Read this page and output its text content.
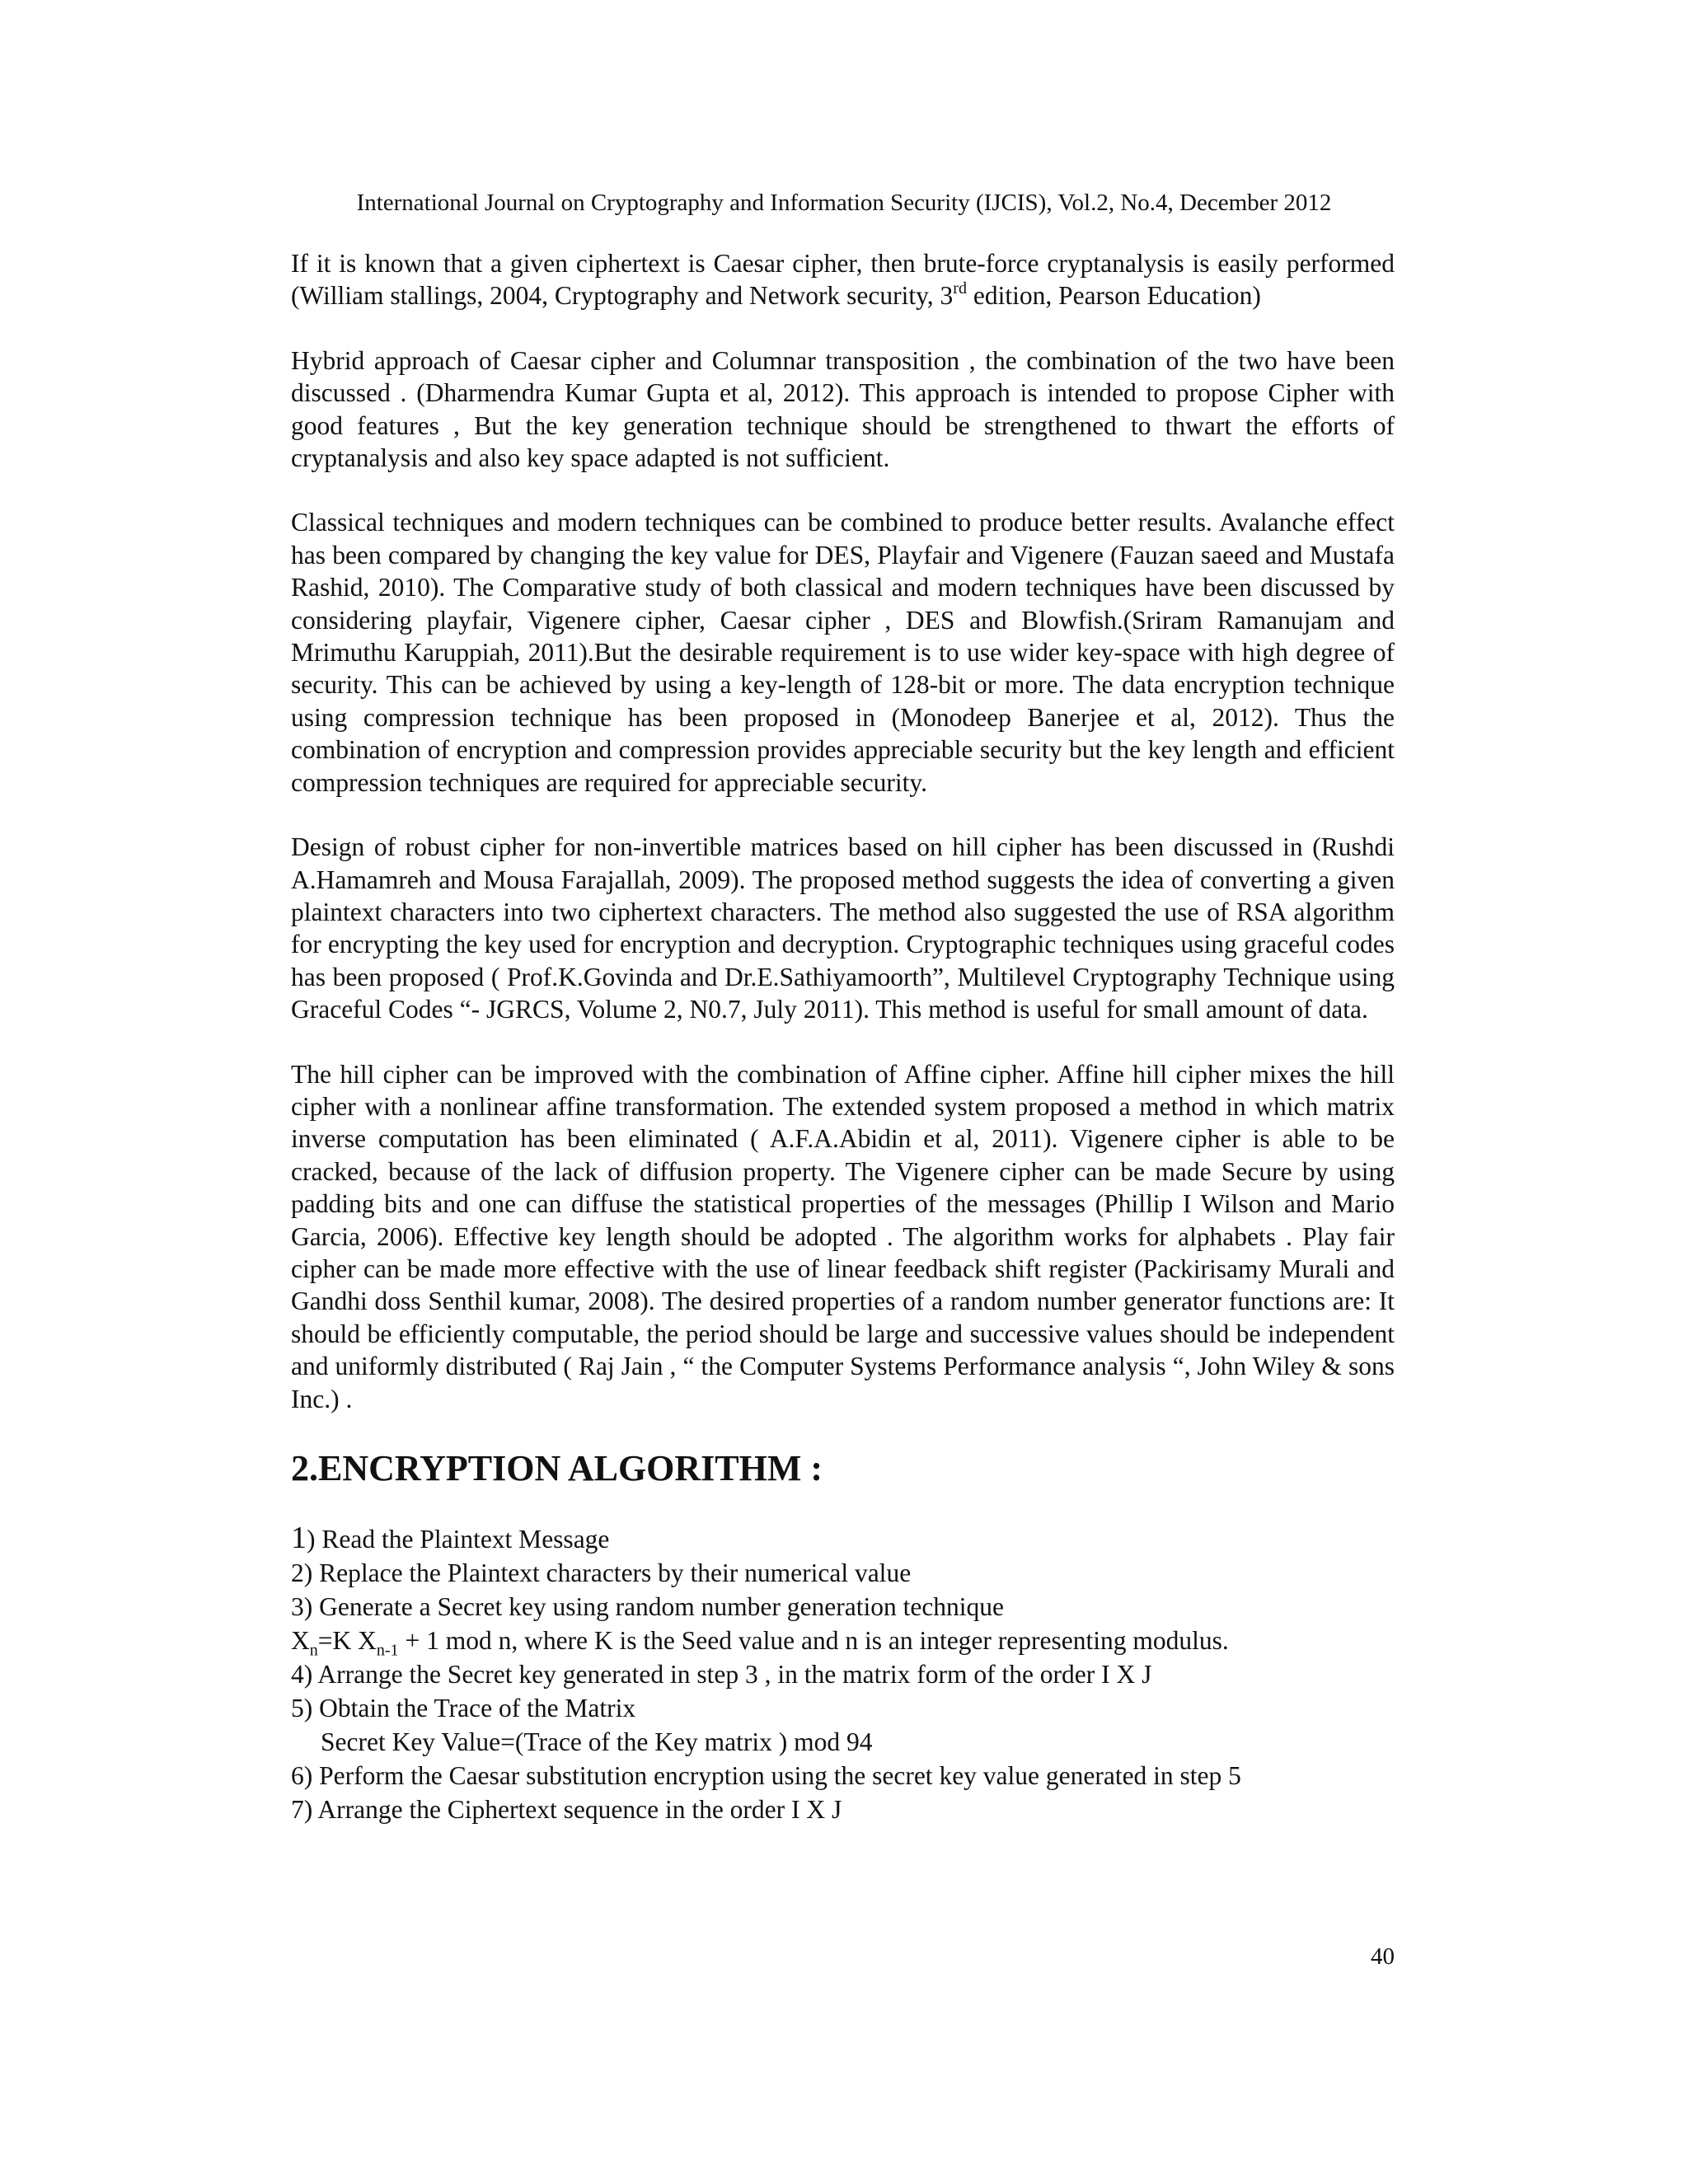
International Journal on Cryptography and Information Security (IJCIS), Vol.2, No.4, December 2012

If it is known that a given ciphertext is Caesar cipher, then brute-force cryptanalysis is easily performed (William stallings, 2004, Cryptography and Network security, 3rd edition, Pearson Education)

Hybrid approach of Caesar cipher and Columnar transposition , the combination of the two have been discussed . (Dharmendra Kumar Gupta et al, 2012). This approach is intended to propose Cipher with good features , But the key generation technique should be strengthened to thwart the efforts of cryptanalysis and also key space adapted is not sufficient.

Classical techniques and modern techniques can be combined to produce better results. Avalanche effect has been compared by changing the key value for DES, Playfair and Vigenere (Fauzan saeed and Mustafa Rashid, 2010). The Comparative study of both classical and modern techniques have been discussed by considering playfair, Vigenere cipher, Caesar cipher , DES and Blowfish.(Sriram Ramanujam and Mrimuthu Karuppiah, 2011).But the desirable requirement is to use wider key-space with high degree of security. This can be achieved by using a key-length of 128-bit or more. The data encryption technique using compression technique has been proposed in (Monodeep Banerjee et al, 2012). Thus the combination of encryption and compression provides appreciable security but the key length and efficient compression techniques are required for appreciable security.

Design of robust cipher for non-invertible matrices based on hill cipher has been discussed in (Rushdi A.Hamamreh and Mousa Farajallah, 2009). The proposed method suggests the idea of converting a given plaintext characters into two ciphertext characters. The method also suggested the use of RSA algorithm for encrypting the key used for encryption and decryption. Cryptographic techniques using graceful codes has been proposed ( Prof.K.Govinda and Dr.E.Sathiyamoorth”, Multilevel Cryptography Technique using Graceful Codes “- JGRCS, Volume 2, N0.7, July 2011). This method is useful for small amount of data.

The hill cipher can be improved with the combination of Affine cipher. Affine hill cipher mixes the hill cipher with a nonlinear affine transformation. The extended system proposed a method in which matrix inverse computation has been eliminated ( A.F.A.Abidin et al, 2011). Vigenere cipher is able to be cracked, because of the lack of diffusion property. The Vigenere cipher can be made Secure by using padding bits and one can diffuse the statistical properties of the messages (Phillip I Wilson and Mario Garcia, 2006). Effective key length should be adopted . The algorithm works for alphabets . Play fair cipher can be made more effective with the use of linear feedback shift register (Packirisamy Murali and Gandhi doss Senthil kumar, 2008). The desired properties of a random number generator functions are: It should be efficiently computable, the period should be large and successive values should be independent and uniformly distributed ( Raj Jain , “ the Computer Systems Performance analysis “, John Wiley & sons Inc.) .

2.ENCRYPTION ALGORITHM :
1) Read the Plaintext Message
2) Replace the Plaintext characters by their numerical value
3) Generate a Secret key using random number generation technique
$X_n=K$ $X_{n-1} + 1$ mod n, where K is the Seed value and n is an integer representing modulus.
4) Arrange the Secret key generated in step 3 , in the matrix form of the order I X J
5) Obtain the Trace of the Matrix
Secret Key Value=(Trace of the Key matrix ) mod 94
6) Perform the Caesar substitution encryption using the secret key value generated in step 5
7) Arrange the Ciphertext sequence in the order I X J
40
